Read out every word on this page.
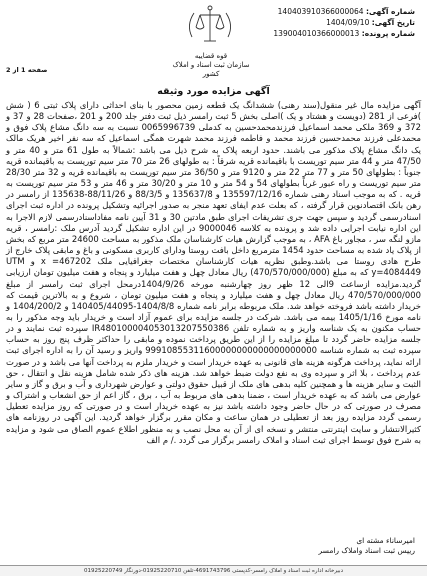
قوه قضاییه
سازمان ثبت اسناد و املاک کشور
شماره آگهی: 140403910366000064
تاریخ آگهی: 1404/09/10
شماره پرونده: 139004010366000013
صفحه 1 از 2
آگهی مزایده مورد وثیقه

آگهی مزایده مال غیر منقول(سند رهنی) ششدانگ یک قطعه زمین محصور با بنای احداثی دارای پلاک ثبتی 6 ( شش )فرعی از 281 (دویست و هشتاد و یک )اصلی بخش 5 ثبت رامسر ذیل ثبت دفتر جلد 200 و 201 ،صفحات 28 و 37 و 372 و 369 ملکی محمد اسماعیل فرزندمحمدحسین به کدملی 0065996739 نسبت به سه دانگ مشاع پلاک فوق و محمدعلی فرزند محمدحسین فرزند محمد و فاطمه فرزند محمد شهرت همگی اسماعیل که سه نفر اخیر هریک مالک یک دانگ مشاع پلاک مذکور می باشند. حدود اربعه پلاک به شرح ذیل می باشد :شمالاً به طول 61 متر و 40 متر و 47/50 متر و 44 متر سیم توریست با باقیمانده قریه شرقاً : به طولهای 26 متر 70 متر سیم توریست به باقیمانده قریه جنوباً : بطولهای 50 متر و 77 متر 22 متر و 9120 متر و 36/50 متر سیم توریست به باقیمانده قریه و 32 متر 28/30 متر سیم توریست و راه عبور غرباً بطولهای 54 و 54 متر و 10 متر و 30/20 متر و 46 متر و 53 متر سیم توریست به قریه . که به موجب اسناد رهنی شماره 135597/12/16 و 135637/8 و 88/3/5 و 88/11/26-135638 از رامسر در رهن بانک اقتصادنوین قرار گرفته ، که بعلت عدم ایفای تعهد منجر به صدور اجرائیه وتشکیل پرونده در اداره ثبت اجرای اسنادرسمی گردید و سپس جهت جری تشریفات اجرای طبق مادتین 30 و 31 آیین نامه مفاداسنادرسمی لازم الاجرا به این اداره نیابت اجرایی داده شد و پرونده به کلاسه 9000046 در این اداره تشکیل گردید آدرس ملک :رامسر ، قریه مازو لنگه سر ، مجاور باغ AFA ، به موجب گزارش هیات کارشناسان ملک مذکور به مساحت 24600 متر مربع که بخش از پلاک یاد شده به مساحت حدود 1454 مترمربع داخل بافت روستا ودارای کاربری مسکونی و باغ و مابقی پلاک خارج از طرح هادی روستا می باشد.وطبق نظریه هیات کارشناسان مختصات جغرافیایی ملک x =467202 و UTM y=4084449 که به مبلغ (470/570/000/000) ریال معادل چهل و هفت میلیارد و پنجاه و هفت میلیون تومان ارزیابی گردید.مزایده ازساعت 9الی 12 ظهر روز چهارشنبه مورخه 1404/9/26درمحل اجرای ثبت رامسر از مبلغ 470/570/000/000 ریال معادل چهل و هفت میلیارد و پنجاه و هفت میلیون تومان ، شروع و به بالاترین قیمت که خریدار داشته باشد فروخته خواهد شد. ملک مربوطه برابر نامه شماره 1404/8/8-140405/44095 و 1404/200/2 و نامه مورخ 1405/1/16 بیمه می باشد. شرکت در جلسه مزایده برای عموم آزاد است و خریدار باید وجه مذکور را به حساب مکنون به یک شناسه واریز و به شماره تلفن IR480100004053013207550386 سپرده ثبت نمایند و در جلسه مزایده حاضر گردد تا مبلغ مزایده را از این طریق پرداخت نموده و مابقی را حداکثر ظرف پنج روز به حساب سپرده ثبت به شماره شناسه 99910855311600000000000000000000 واریز و رسید آن را به اداره اجرای ثبت ارائه نماید، پرداخت هرگونه هزینه های قانونی به عهده خریدار است و خریدار ملزم به پرداخت آنها می باشد و در صورت عدم پرداخت ، بلا اثر و سپرده وی به نفع دولت ضبط خواهد شد. هزینه های ذکر شده شامل هزینه نقل و انتقال ، حق الثبت و سایر هزینه ها و همچنین کلیه بدهی های ملک از قبیل حقوق دولتی و عوارض شهرداری و آب و برق و گاز و سایر عوارض می باشد که به عهده خریدار است ، ضمنا بدهی های مربوط به آب ، برق ، گاز اعم از حق انشعاب و اشتراک و مصرف در صورتی که در حال حاضر وجود داشته باشد نیز به عهده خریدار است و در صورتی که روز مزایده تعطیل رسمی گردد مزایده روز بعد از تعطیلی در همان ساعت و مکان مقرر برگزار خواهد گردید. این آگهی در روزنامه های کثیرالانتشار و سایت اینترنتی منتشر و نسخه ای از آن به محل نصب و به منظور اطلاع عموم الصاق می شود و مزایده به شرح فوق توسط اجرای ثبت اسناد و املاک رامسر برگزار می گردد ./ م الف

امیرساناء مشته ای
رییس ثبت اسناد واملاک رامسر
دبیرخانه اداره ثبت اسناد و املاک رامسر-کدپستی 4691743796-تلفن 01925220710-دورنگار 01925220749
